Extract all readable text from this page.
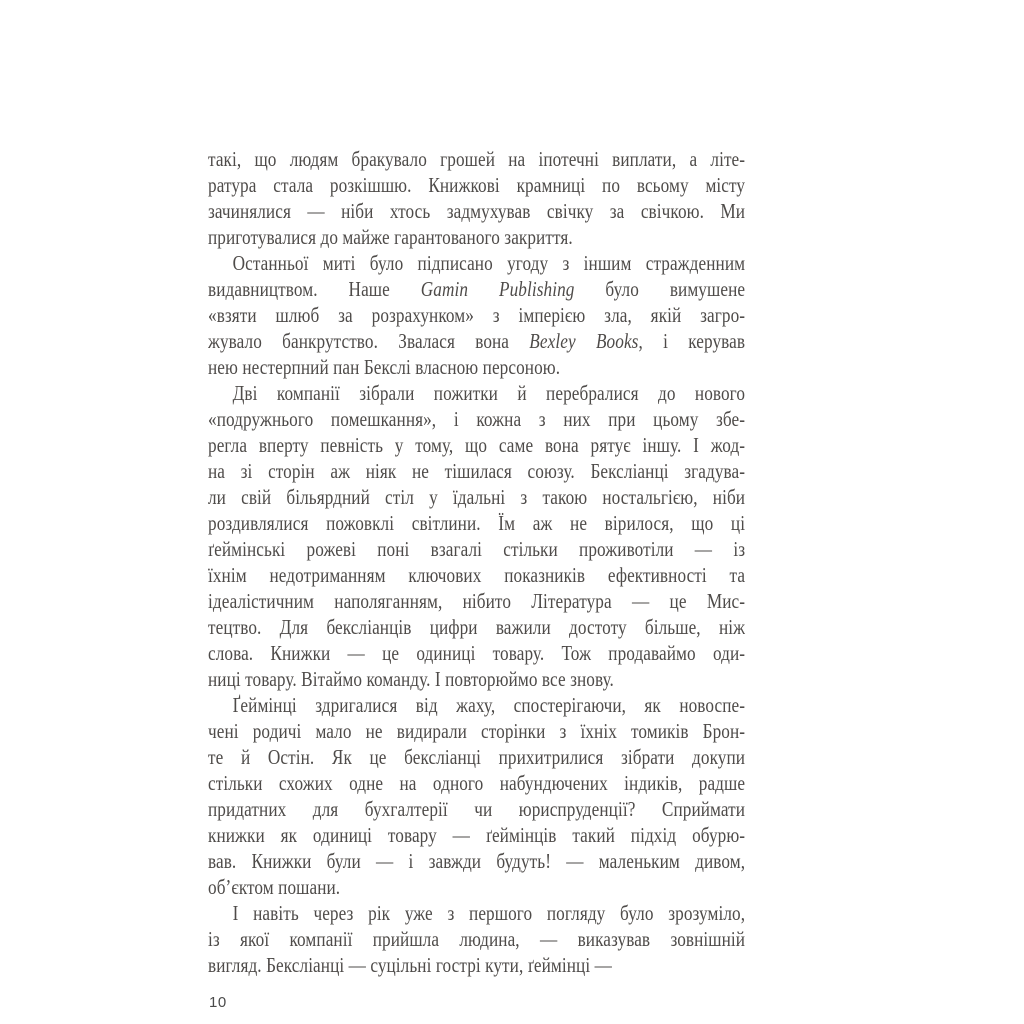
такі, що людям бракувало грошей на іпотечні виплати, а літе-
ратура стала розкішшю. Книжкові крамниці по всьому місту
зачинялися — ніби хтось задмухував свічку за свічкою. Ми
приготувалися до майже гарантованого закриття.
Останньої миті було підписано угоду з іншим стражденним
видавництвом. Наше Gamin Publishing було вимушене
«взяти шлюб за розрахунком» з імперією зла, якій загро-
жувало банкрутство. Звалася вона Bexley Books, і керував
нею нестерпний пан Бекслі власною персоною.
Дві компанії зібрали пожитки й перебралися до нового
«подружнього помешкання», і кожна з них при цьому збе-
регла вперту певність у тому, що саме вона рятує іншу. І жод-
на зі сторін аж ніяк не тішилася союзу. Бексліанці згадува-
ли свій більярдний стіл у їдальні з такою ностальгією, ніби
роздивлялися пожовклі світлини. Їм аж не вірилося, що ці
ґеймінські рожеві поні взагалі стільки проживотіли — із
їхнім недотриманням ключових показників ефективності та
ідеалістичним наполяганням, нібито Література — це Мис-
тецтво. Для бексліанців цифри важили достоту більше, ніж
слова. Книжки — це одиниці товару. Тож продаваймо оди-
ниці товару. Вітаймо команду. І повторюймо все знову.
Ґеймінці здригалися від жаху, спостерігаючи, як новоспе-
чені родичі мало не видирали сторінки з їхніх томиків Брон-
те й Остін. Як це бексліанці прихитрилися зібрати докупи
стільки схожих одне на одного набундючених індиків, радше
придатних для бухгалтерії чи юриспруденції? Сприймати
книжки як одиниці товару — ґеймінців такий підхід обурю-
вав. Книжки були — і завжди будуть! — маленьким дивом,
об’єктом пошани.
І навіть через рік уже з першого погляду було зрозуміло,
із якої компанії прийшла людина, — виказував зовнішній
вигляд. Бексліанці — суцільні гострі кути, ґеймінці —
10
